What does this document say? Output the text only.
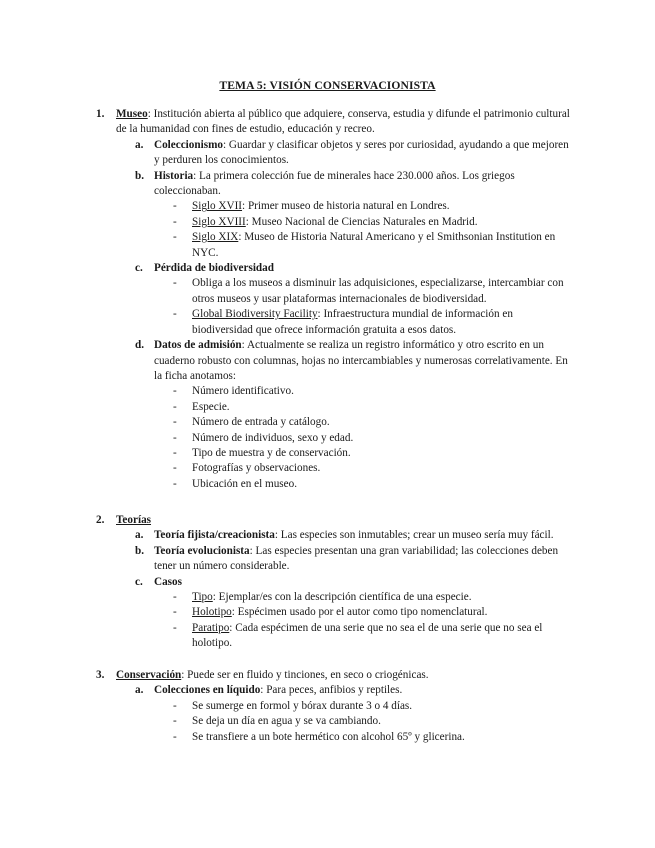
TEMA 5: VISIÓN CONSERVACIONISTA
1. Museo: Institución abierta al público que adquiere, conserva, estudia y difunde el patrimonio cultural de la humanidad con fines de estudio, educación y recreo.
a. Coleccionismo: Guardar y clasificar objetos y seres por curiosidad, ayudando a que mejoren y perduren los conocimientos.
b. Historia: La primera colección fue de minerales hace 230.000 años. Los griegos coleccionaban.
- Siglo XVII: Primer museo de historia natural en Londres.
- Siglo XVIII: Museo Nacional de Ciencias Naturales en Madrid.
- Siglo XIX: Museo de Historia Natural Americano y el Smithsonian Institution en NYC.
c. Pérdida de biodiversidad
- Obliga a los museos a disminuir las adquisiciones, especializarse, intercambiar con otros museos y usar plataformas internacionales de biodiversidad.
- Global Biodiversity Facility: Infraestructura mundial de información en biodiversidad que ofrece información gratuita a esos datos.
d. Datos de admisión: Actualmente se realiza un registro informático y otro escrito en un cuaderno robusto con columnas, hojas no intercambiables y numerosas correlativamente. En la ficha anotamos:
- Número identificativo.
- Especie.
- Número de entrada y catálogo.
- Número de individuos, sexo y edad.
- Tipo de muestra y de conservación.
- Fotografías y observaciones.
- Ubicación en el museo.
2. Teorías
a. Teoría fijista/creacionista: Las especies son inmutables; crear un museo sería muy fácil.
b. Teoría evolucionista: Las especies presentan una gran variabilidad; las colecciones deben tener un número considerable.
c. Casos
- Tipo: Ejemplar/es con la descripción científica de una especie.
- Holotipo: Espécimen usado por el autor como tipo nomenclatural.
- Paratipo: Cada espécimen de una serie que no sea el de una serie que no sea el holotipo.
3. Conservación: Puede ser en fluido y tinciones, en seco o criogénicas.
a. Colecciones en líquido: Para peces, anfibios y reptiles.
- Se sumerge en formol y bórax durante 3 o 4 días.
- Se deja un día en agua y se va cambiando.
- Se transfiere a un bote hermético con alcohol 65º y glicerina.
